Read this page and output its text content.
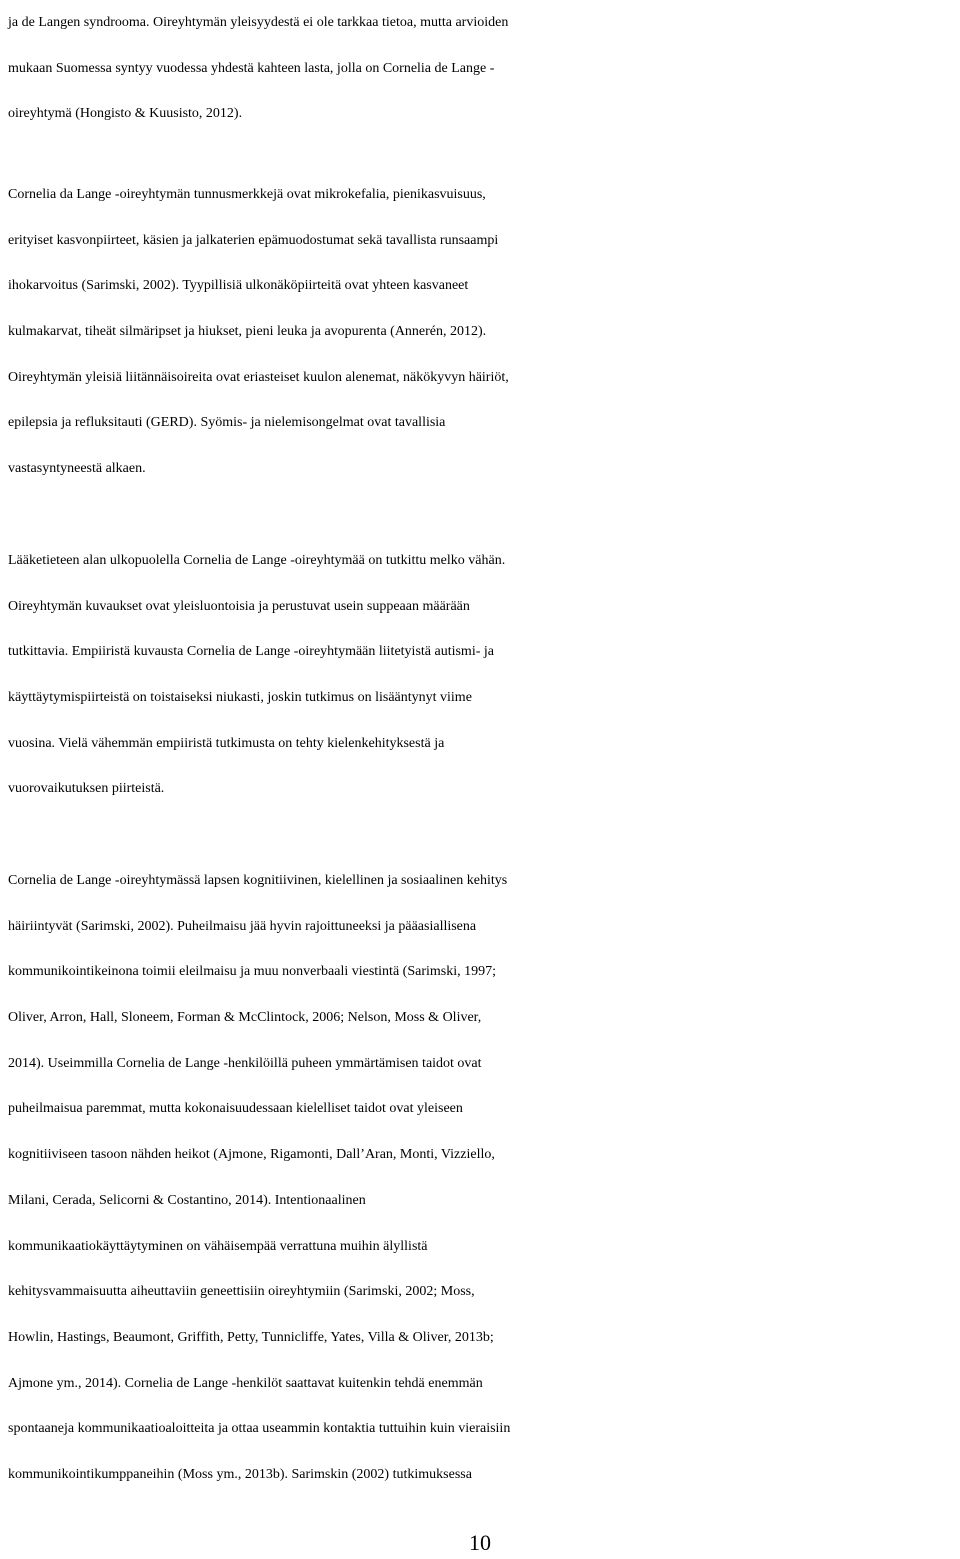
ja de Langen syndrooma. Oireyhtymän yleisyydestä ei ole tarkkaa tietoa, mutta arvioiden
mukaan Suomessa syntyy vuodessa yhdestä kahteen lasta, jolla on Cornelia de Lange -
oireyhtymä (Hongisto & Kuusisto, 2012).
Cornelia da Lange -oireyhtymän tunnusmerkkejä ovat mikrokefalia, pienikasvuisuus,
erityiset kasvonpiirteet, käsien ja jalkaterien epämuodostumat sekä tavallista runsaampi
ihokarvoitus (Sarimski, 2002). Tyypillisiä ulkonäköpiirteitä ovat yhteen kasvaneet
kulmakarvat, tiheät silmäripset ja hiukset, pieni leuka ja avopurenta (Annerén, 2012).
Oireyhtymän yleisiä liitännäisoireita ovat eriasteiset kuulon alenemat, näkökyvyn häiriöt,
epilepsia ja refluksitauti (GERD). Syömis- ja nielemisongelmat ovat tavallisia
vastasyntyneestä alkaen.
Lääketieteen alan ulkopuolella Cornelia de Lange -oireyhtymää on tutkittu melko vähän.
Oireyhtymän kuvaukset ovat yleisluontoisia ja perustuvat usein suppeaan määrään
tutkittavia. Empiiristä kuvausta Cornelia de Lange -oireyhtymään liitetyistä autismi- ja
käyttäytymispiirteistä on toistaiseksi niukasti, joskin tutkimus on lisääntynyt viime
vuosina. Vielä vähemmän empiiristä tutkimusta on tehty kielenkehityksestä ja
vuorovaikutuksen piirteistä.
Cornelia de Lange -oireyhtymässä lapsen kognitiivinen, kielellinen ja sosiaalinen kehitys
häiriintyvät (Sarimski, 2002). Puheilmaisu jää hyvin rajoittuneeksi ja pääasiallisena
kommunikointikeinona toimii eleilmaisu ja muu nonverbaali viestintä (Sarimski, 1997;
Oliver, Arron, Hall, Sloneem, Forman & McClintock, 2006; Nelson, Moss & Oliver,
2014). Useimmilla Cornelia de Lange -henkilöillä puheen ymmärtämisen taidot ovat
puheilmaisua paremmat, mutta kokonaisuudessaan kielelliset taidot ovat yleiseen
kognitiiviseen tasoon nähden heikot (Ajmone, Rigamonti, Dall’Aran, Monti, Vizziello,
Milani, Cerada, Selicorni & Costantino, 2014). Intentionaalinen
kommunikaatiokäyttäytyminen on vähäisempää verrattuna muihin älyllistä
kehitysvammaisuutta aiheuttaviin geneettisiin oireyhtymiin (Sarimski, 2002; Moss,
Howlin, Hastings, Beaumont, Griffith, Petty, Tunnicliffe, Yates, Villa & Oliver, 2013b;
Ajmone ym., 2014). Cornelia de Lange -henkilöt saattavat kuitenkin tehdä enemmän
spontaaneja kommunikaatioaloitteita ja ottaa useammin kontaktia tuttuihin kuin vieraisiin
kommunikointikumppaneihin (Moss ym., 2013b). Sarimskin (2002) tutkimuksessa
10
